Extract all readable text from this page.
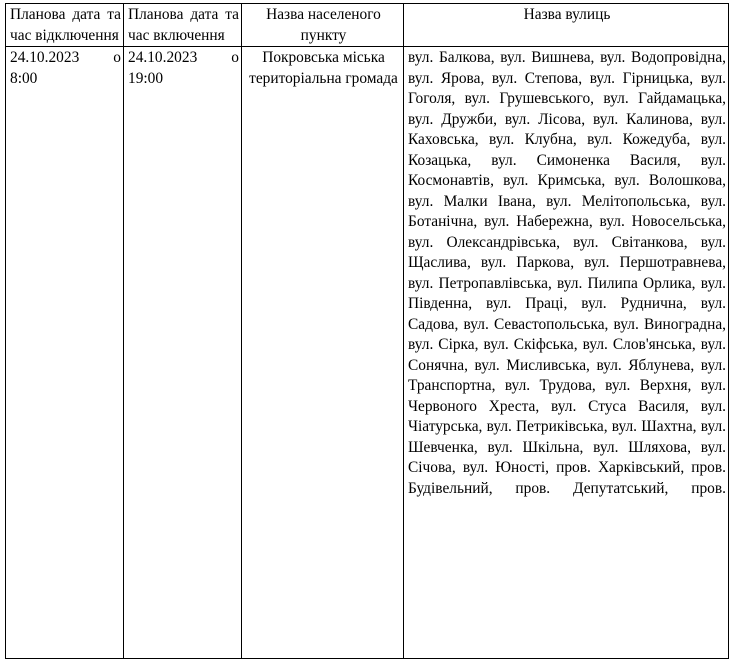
Планова дата та час відключення	Планова дата та час включення	Назва населеного пункту	Назва вулиць
24.10.2023 о 8:00	24.10.2023 о 19:00	Покровська міська територіальна громада	вул. Балкова, вул. Вишнева, вул. Водопровідна, вул. Ярова, вул. Степова, вул. Гірницька, вул. Гоголя, вул. Грушевського, вул. Гайдамацька, вул. Дружби, вул. Лісова, вул. Калинова, вул. Каховська, вул. Клубна, вул. Кожедуба, вул. Козацька, вул. Симоненка Василя, вул. Космонавтів, вул. Кримська, вул. Волошкова, вул. Малки Івана, вул. Мелітопольська, вул. Ботанічна, вул. Набережна, вул. Новосельська, вул. Олександрівська, вул. Світанкова, вул. Щаслива, вул. Паркова, вул. Першотравнева, вул. Петропавлівська, вул. Пилипа Орлика, вул. Південна, вул. Праці, вул. Руднична, вул. Садова, вул. Севастопольська, вул. Виноградна, вул. Сірка, вул. Скіфська, вул. Слов'янська, вул. Сонячна, вул. Мисливська, вул. Яблунева, вул. Транспортна, вул. Трудова, вул. Верхня, вул. Червоного Хреста, вул. Стуса Василя, вул. Чіатурська, вул. Петриківська, вул. Шахтна, вул. Шевченка, вул. Шкільна, вул. Шляхова, вул. Січова, вул. Юності, пров. Харківський, пров. Будівельний, пров. Депутатський, пров.
